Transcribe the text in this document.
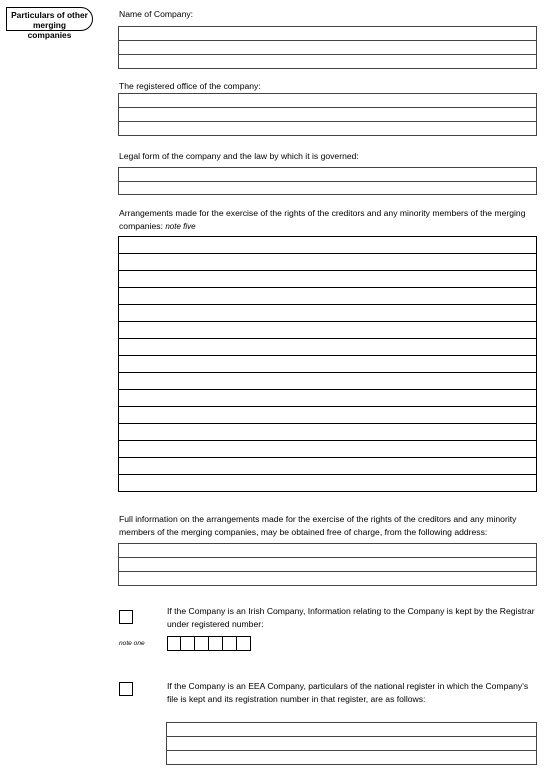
Particulars of other merging companies
Name of Company:
The registered office of the company:
Legal form of the company and the law by which it is governed:
Arrangements made for the exercise of the rights of the creditors and any minority members of the merging companies: note five
Full information on the arrangements made for the exercise of the rights of the creditors and any minority members of the merging companies, may be obtained free of charge, from the following address:
If the Company is an Irish Company, Information relating to the Company is kept by the Registrar under registered number:
note one
If the Company is an EEA Company, particulars of the national register in which the Company's file is kept and its registration number in that register, are as follows:
